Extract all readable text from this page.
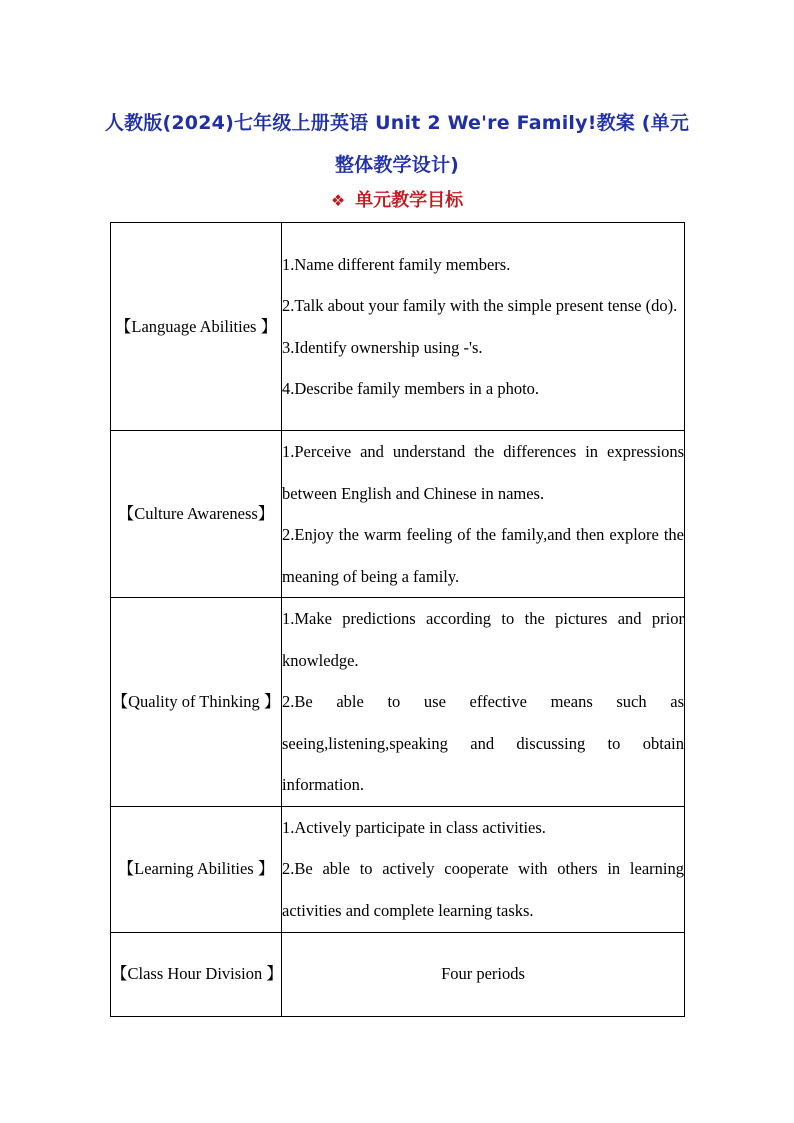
人教版(2024)七年级上册英语 Unit 2 We're Family!教案 (单元整体教学设计)
❖ 单元教学目标
【Language Abilities 】	1.Name different family members.
2.Talk about your family with the simple present tense (do).
3.Identify ownership using -'s.
4.Describe family members in a photo.

【Culture Awareness】	1.Perceive and understand the differences in expressions between English and Chinese in names.
2.Enjoy the warm feeling of the family,and then explore the meaning of being a family.

【Quality of Thinking 】	1.Make predictions according to the pictures and prior knowledge.
2.Be able to use effective means such as seeing,listening,speaking and discussing to obtain information.

【Learning Abilities 】	1.Actively participate in class activities.
2.Be able to actively cooperate with others in learning activities and complete learning tasks.

【Class Hour Division 】	Four periods
